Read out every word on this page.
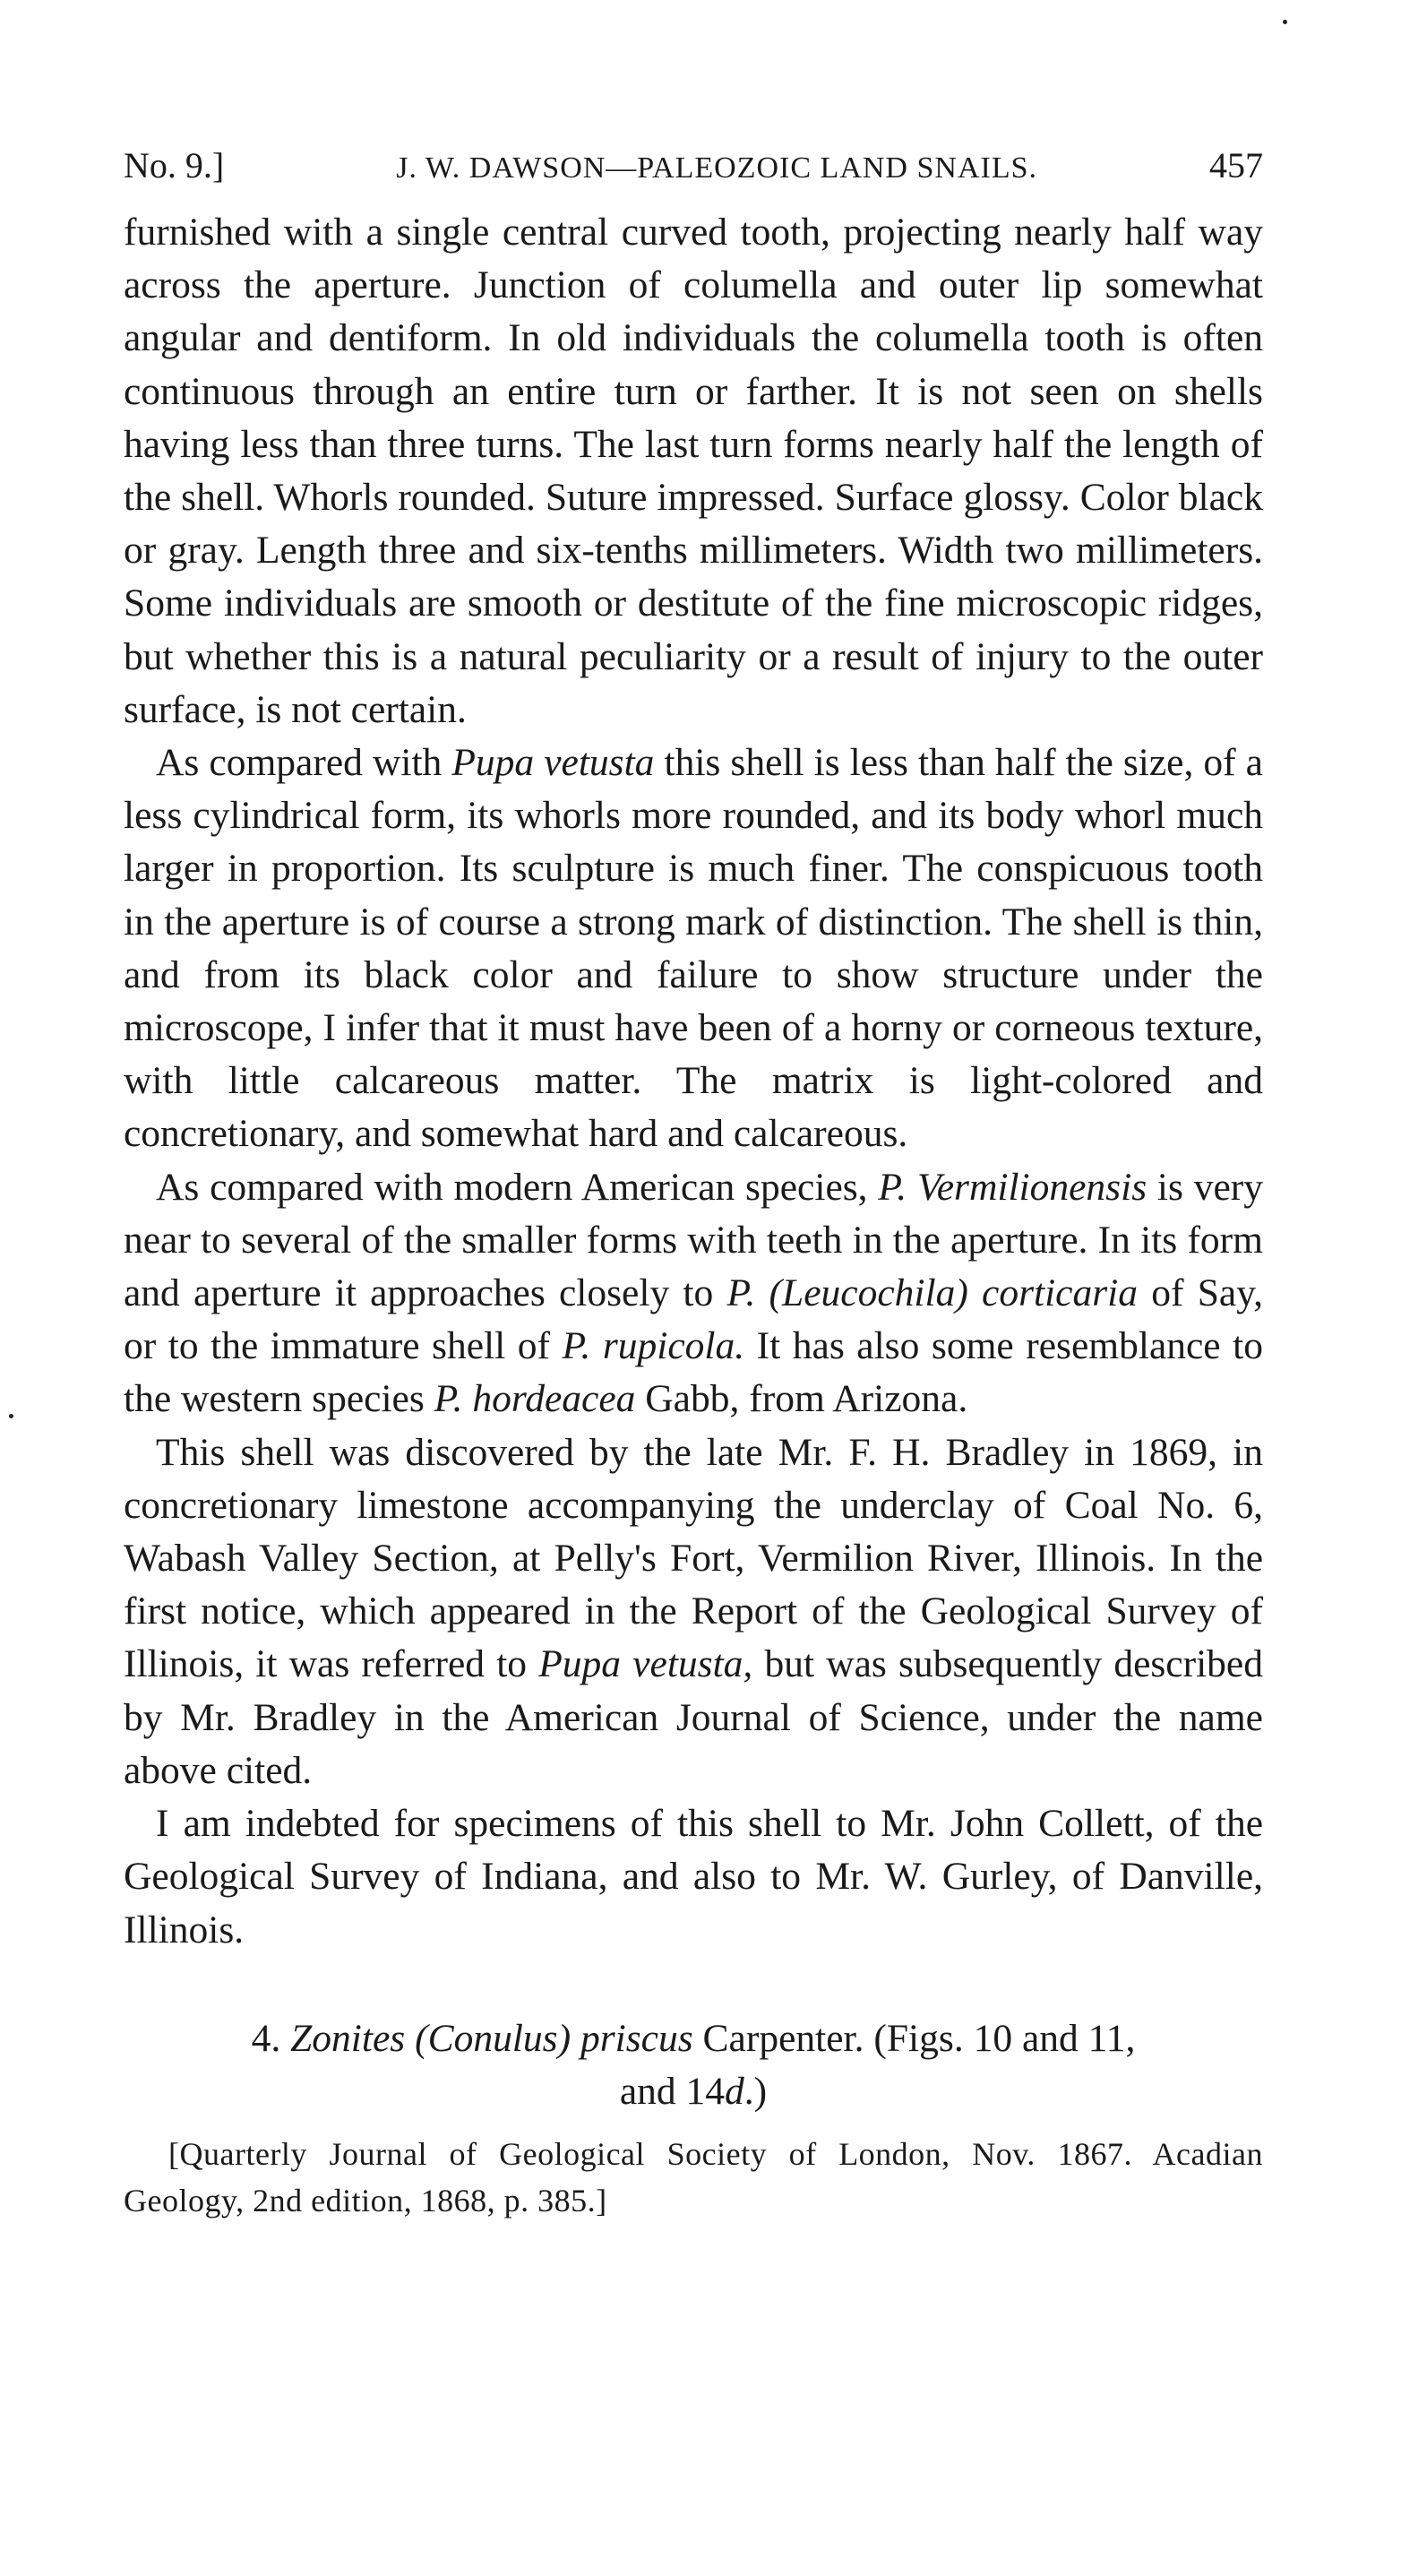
No. 9.]	J. W. DAWSON—PALEOZOIC LAND SNAILS.	457

furnished with a single central curved tooth, projecting nearly half way across the aperture. Junction of columella and outer lip somewhat angular and dentiform. In old individuals the columella tooth is often continuous through an entire turn or farther. It is not seen on shells having less than three turns. The last turn forms nearly half the length of the shell. Whorls rounded. Suture impressed. Surface glossy. Color black or gray. Length three and six-tenths millimeters. Width two millimeters. Some individuals are smooth or destitute of the fine microscopic ridges, but whether this is a natural peculiarity or a result of injury to the outer surface, is not certain.

As compared with Pupa vetusta this shell is less than half the size, of a less cylindrical form, its whorls more rounded, and its body whorl much larger in proportion. Its sculpture is much finer. The conspicuous tooth in the aperture is of course a strong mark of distinction. The shell is thin, and from its black color and failure to show structure under the microscope, I infer that it must have been of a horny or corneous texture, with little calcareous matter. The matrix is light-colored and concretionary, and somewhat hard and calcareous.

As compared with modern American species, P. Vermilionensis is very near to several of the smaller forms with teeth in the aperture. In its form and aperture it approaches closely to P. (Leucochila) corticaria of Say, or to the immature shell of P. rupicola. It has also some resemblance to the western species P. hordeacea Gabb, from Arizona.

This shell was discovered by the late Mr. F. H. Bradley in 1869, in concretionary limestone accompanying the underclay of Coal No. 6, Wabash Valley Section, at Pelly's Fort, Vermilion River, Illinois. In the first notice, which appeared in the Report of the Geological Survey of Illinois, it was referred to Pupa vetusta, but was subsequently described by Mr. Bradley in the American Journal of Science, under the name above cited.

I am indebted for specimens of this shell to Mr. John Collett, of the Geological Survey of Indiana, and also to Mr. W. Gurley, of Danville, Illinois.

4. Zonites (Conulus) priscus Carpenter. (Figs. 10 and 11,
and 14d.)

[Quarterly Journal of Geological Society of London, Nov. 1867. Acadian Geology, 2nd edition, 1868, p. 385.]
